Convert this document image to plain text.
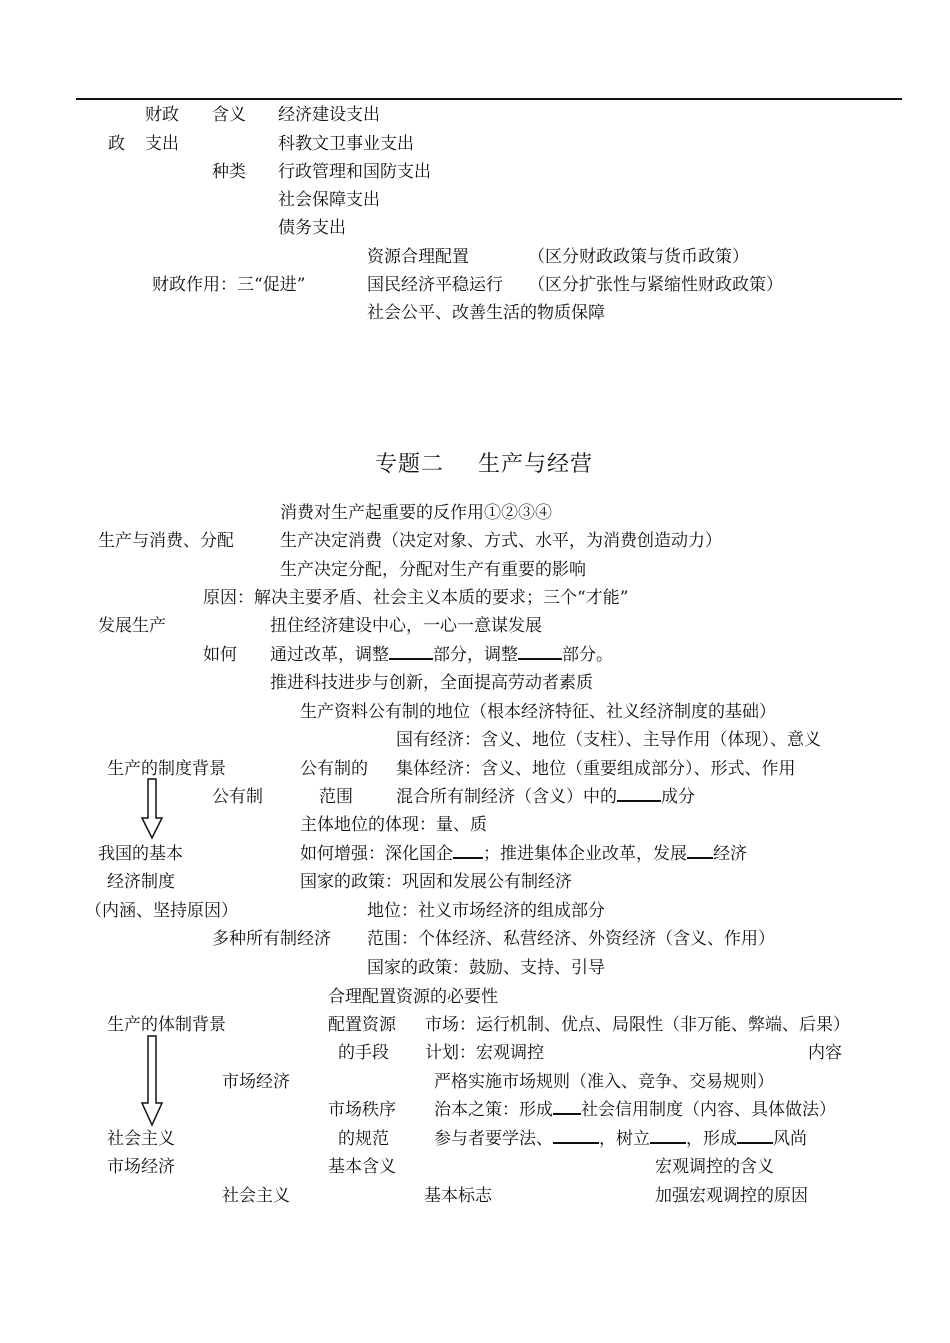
财政 含义 经济建设支出
政 支出	科教文卫事业支出
种类 行政管理和国防支出
社会保障支出
债务支出
资源合理配置	（区分财政政策与货币政策）
财政作用：三“促进”	国民经济平稳运行 （区分扩张性与紧缩性财政政策）
社会公平、改善生活的物质保障
专题二 生产与经营
消费对生产起重要的反作用①②③④
生产与消费、分配	生产决定消费（决定对象、方式、水平，为消费创造动力）
生产决定分配，分配对生产有重要的影响
原因：解决主要矛盾、社会主义本质的要求；三个“才能”
发展生产	扭住经济建设中心，一心一意谋发展
如何 通过改革，调整	部分，调整	部分。
推进科技进步与创新，全面提高劳动者素质
生产资料公有制的地位（根本经济特征、社义经济制度的基础）
国有经济：含义、地位（支柱）、主导作用（体现）、意义
生产的制度背景	公有制的 集体经济：含义、地位（重要组成部分）、形式、作用
公有制	范围	混合所有制经济（含义）中的	成分
主体地位的体现：量、质
我国的基本	如何增强：深化国企 ；推进集体企业改革，发展 经济
经济制度	国家的政策：巩固和发展公有制经济
（内涵、坚持原因）	地位：社义市场经济的组成部分
多种所有制经济 范围：个体经济、私营经济、外资经济（含义、作用）
国家的政策：鼓励、支持、引导
合理配置资源的必要性
生产的体制背景	配置资源 市场：运行机制、优点、局限性（非万能、弊端、后果）
的手段 计划：宏观调控	内容
市场经济	严格实施市场规则（准入、竞争、交易规则）
市场秩序 治本之策：形成 社会信用制度（内容、具体做法）
社会主义	的规范	参与者要学法、	，树立 ，形成 风尚
市场经济	基本含义	宏观调控的含义
社会主义	基本标志	加强宏观调控的原因
